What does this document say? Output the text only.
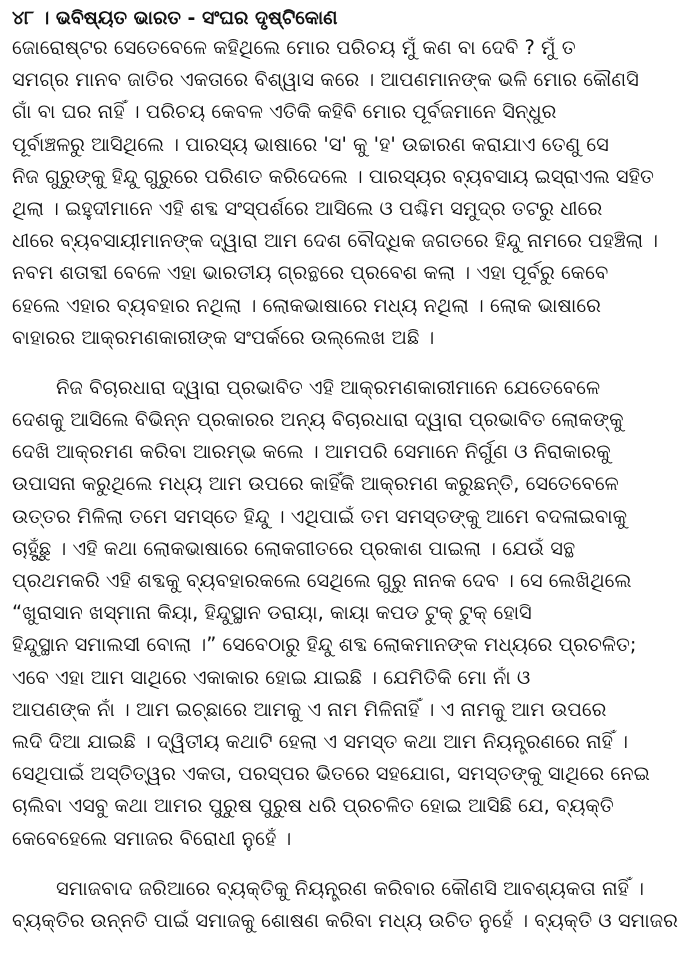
୪୮ । ଭବିଷ୍ୟତ ଭାରତ - ସଂଘର ଦୃଷ୍ଟିକୋଣ
ଜୋରୋଷ୍ଟର ସେତେବେଳେ କହିଥିଲେ ମୋର ପରିଚୟ ମୁଁ କଣ ବା ଦେବି ? ମୁଁ ତ
ସମଗ୍ର ମାନବ ଜାତିର ଏକତାରେ ବିଶ୍ୱାସ କରେ । ଆପଣମାନଙ୍କ ଭଳି ମୋର କୌଣସି
ଗାଁ ବା ଘର ନାହିଁ । ପରିଚୟ କେବଳ ଏତିକି କହିବି ମୋର ପୂର୍ବଜମାନେ ସିନ୍ଧୁର
ପୂର୍ବାଞ୍ଚଳରୁ ଆସିଥିଲେ । ପାରସ୍ୟ ଭାଷାରେ 'ସ' କୁ 'ହ' ଉଚ୍ଚାରଣ କରାଯାଏ ତେଣୁ ସେ
ନିଜ ଗୁରୁଙ୍କୁ ହିନ୍ଦୁ ଗୁରୁରେ ପରିଣତ କରିଦେଲେ । ପାରସ୍ୟର ବ୍ୟବସାୟ ଇସ୍ରାଏଲ ସହିତ
ଥିଲା । ଇହୁଦୀମାନେ ଏହି ଶବ୍ଦ ସଂସ୍ପର୍ଶରେ ଆସିଲେ ଓ ପଶ୍ଚିମ ସମୁଦ୍ର ତଟରୁ ଧୀରେ
ଧୀରେ ବ୍ୟବସାୟୀମାନଙ୍କ ଦ୍ୱାରା ଆମ ଦେଶ ବୌଦ୍ଧିକ ଜଗତରେ ହିନ୍ଦୁ ନାମରେ ପହଞ୍ଚିଲା ।
ନବମ ଶତାବ୍ଦୀ ବେଳେ ଏହା ଭାରତୀୟ ଗ୍ରନ୍ଥରେ ପ୍ରବେଶ କଲା । ଏହା ପୂର୍ବରୁ କେବେ
ହେଲେ ଏହାର ବ୍ୟବହାର ନଥିଲା । ଲୋକଭାଷାରେ ମଧ୍ୟ ନଥିଲା । ଲୋକ ଭାଷାରେ
ବାହାରର ଆକ୍ରମଣକାରୀଙ୍କ ସଂପର୍କରେ ଉଲ୍ଲେଖ ଅଛି ।
ନିଜ ବିଚାରଧାରା ଦ୍ୱାରା ପ୍ରଭାବିତ ଏହି ଆକ୍ରମଣକାରୀମାନେ ଯେତେବେଳେ
ଦେଶକୁ ଆସିଲେ ବିଭିନ୍ନ ପ୍ରକାରର ଅନ୍ୟ ବିଚାରଧାରା ଦ୍ୱାରା ପ୍ରଭାବିତ ଲୋକଙ୍କୁ
ଦେଖି ଆକ୍ରମଣ କରିବା ଆରମ୍ଭ କଲେ । ଆମପରି ସେମାନେ ନିର୍ଗୁଣ ଓ ନିରାକାରକୁ
ଉପାସନା କରୁଥିଲେ ମଧ୍ୟ ଆମ ଉପରେ କାହିଁକି ଆକ୍ରମଣ କରୁଛନ୍ତି, ସେତେବେଳେ
ଉତ୍ତର ମିଳିଲା ତମେ ସମସ୍ତେ ହିନ୍ଦୁ । ଏଥିପାଇଁ ତମ ସମସ୍ତଙ୍କୁ ଆମେ ବଦଳାଇବାକୁ
ଚାହୁଁଛୁ । ଏହି କଥା ଲୋକଭାଷାରେ ଲୋକଗୀତରେ ପ୍ରକାଶ ପାଇଲା । ଯେଉଁ ସନ୍ଥ
ପ୍ରଥମକରି ଏହି ଶବ୍ଦକୁ ବ୍ୟବହାରକଲେ ସେଥିଲେ ଗୁରୁ ନାନକ ଦେବ । ସେ ଲେଖିଥିଲେ
“ଖୁରାସାନ ଖସ୍‌ମାନା କିୟା, ହିନ୍ଦୁସ୍ଥାନ ଡରାୟା, କାୟା କପଡ ଟୁକ୍ ଟୁକ୍ ହୋସି
ହିନ୍ଦୁସ୍ଥାନ ସମାଲସୀ ବୋଲା ।” ସେବେଠାରୁ ହିନ୍ଦୁ ଶବ୍ଦ ଲୋକମାନଙ୍କ ମଧ୍ୟରେ ପ୍ରଚଳିତ;
ଏବେ ଏହା ଆମ ସାଥିରେ ଏକାକାର ହୋଇ ଯାଇଛି । ଯେମିତିକି ମୋ ନାଁ ଓ
ଆପଣଙ୍କ ନାଁ । ଆମ ଇଚ୍ଛାରେ ଆମକୁ ଏ ନାମ ମିଳିନାହିଁ । ଏ ନାମକୁ ଆମ ଉପରେ
ଲଦି ଦିଆ ଯାଇଛି । ଦ୍ୱିତୀୟ କଥାଟି ହେଲା ଏ ସମସ୍ତ କଥା ଆମ ନିୟନ୍ତ୍ରଣରେ ନାହିଁ ।
ସେଥିପାଇଁ ଅସ୍ତିତ୍ୱର ଏକତା, ପରସ୍ପର ଭିତରେ ସହଯୋଗ, ସମସ୍ତଙ୍କୁ ସାଥିରେ ନେଇ
ଚାଲିବା ଏସବୁ କଥା ଆମର ପୁରୁଷ ପୁରୁଷ ଧରି ପ୍ରଚଳିତ ହୋଇ ଆସିଛି ଯେ, ବ୍ୟକ୍ତି
କେବେହେଲେ ସମାଜର ବିରୋଧୀ ନୁହେଁ ।
ସମାଜବାଦ ଜରିଆରେ ବ୍ୟକ୍ତିକୁ ନିୟନ୍ତ୍ରଣ କରିବାର କୌଣସି ଆବଶ୍ୟକତା ନାହିଁ ।
ବ୍ୟକ୍ତିର ଉନ୍ନତି ପାଇଁ ସମାଜକୁ ଶୋଷଣ କରିବା ମଧ୍ୟ ଉଚିତ ନୁହେଁ । ବ୍ୟକ୍ତି ଓ ସମାଜର
